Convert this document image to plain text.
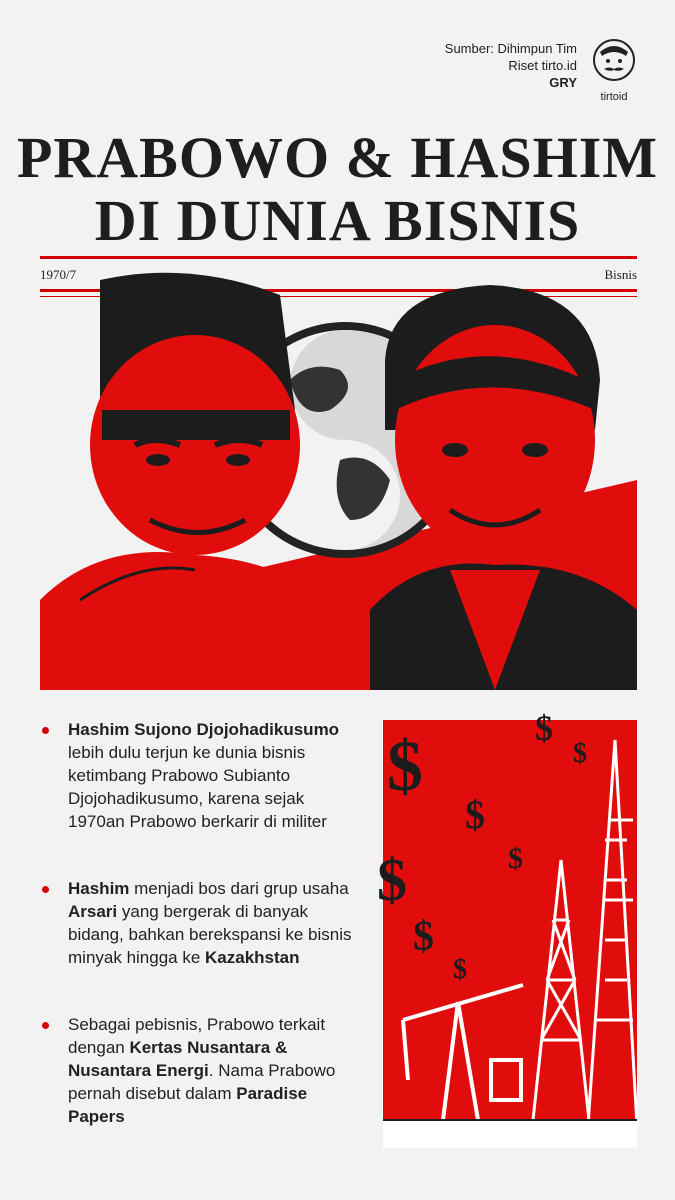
Sumber: Dihimpun Tim
Riset tirto.id
GRY
tirtoid
PRABOWO & HASHIM
DI DUNIA BISNIS
1970/7	Bisnis
Hashim Sujono Djojohadikusumo lebih dulu terjun ke dunia bisnis ketimbang Prabowo Subianto Djojohadikusumo, karena sejak 1970an Prabowo berkarir di militer
Hashim menjadi bos dari grup usaha Arsari yang bergerak di banyak bidang, bahkan berekspansi ke bisnis minyak hingga ke Kazakhstan
Sebagai pebisnis, Prabowo terkait dengan Kertas Nusantara & Nusantara Energi. Nama Prabowo pernah disebut dalam Paradise Papers
$	$
$
$
$
$
$
$
